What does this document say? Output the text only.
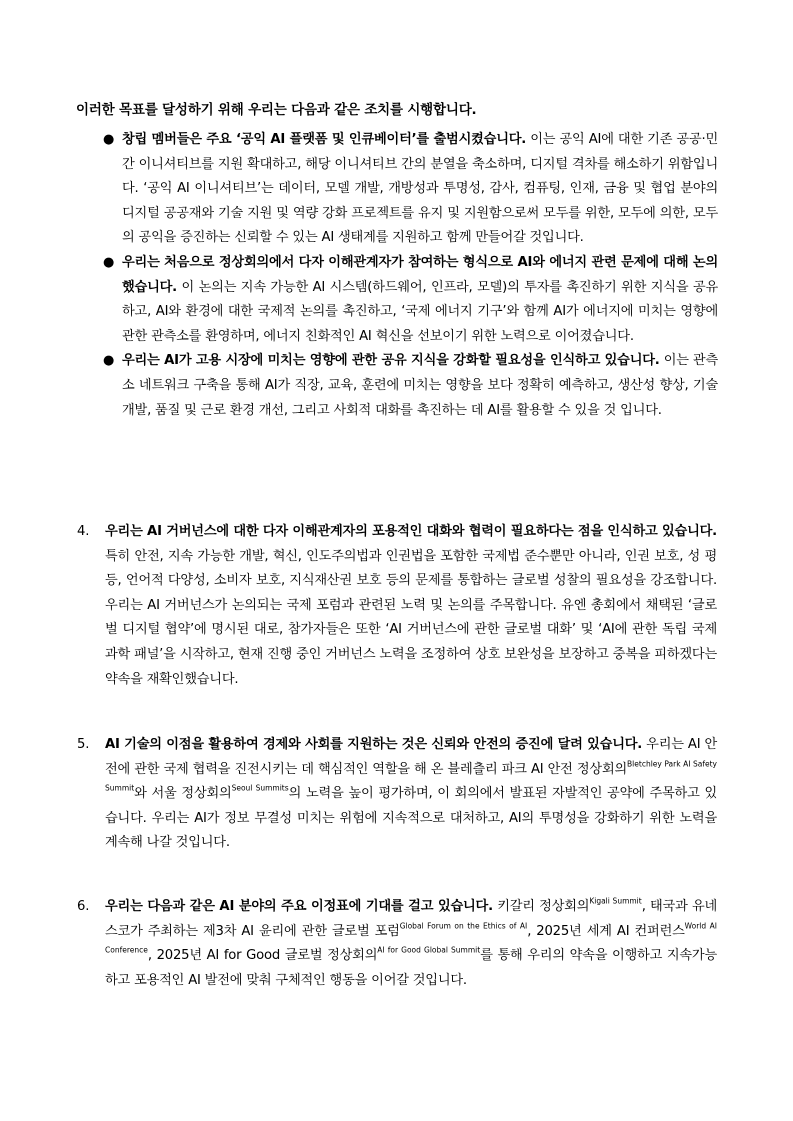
이러한 목표를 달성하기 위해 우리는 다음과 같은 조치를 시행합니다.
● 창립 멤버들은 주요 ‘공익 AI 플랫폼 및 인큐베이터’를 출범시켰습니다. 이는 공익 AI에 대한 기존 공공·민간 이니셔티브를 지원 확대하고, 해당 이니셔티브 간의 분열을 축소하며, 디지털 격차를 해소하기 위함입니다. ‘공익 AI 이니셔티브’는 데이터, 모델 개발, 개방성과 투명성, 감사, 컴퓨팅, 인재, 금융 및 협업 분야의 디지털 공공재와 기술 지원 및 역량 강화 프로젝트를 유지 및 지원함으로써 모두를 위한, 모두에 의한, 모두의 공익을 증진하는 신뢰할 수 있는 AI 생태계를 지원하고 함께 만들어갈 것입니다.
● 우리는 처음으로 정상회의에서 다자 이해관계자가 참여하는 형식으로 AI와 에너지 관련 문제에 대해 논의했습니다. 이 논의는 지속 가능한 AI 시스템(하드웨어, 인프라, 모델)의 투자를 촉진하기 위한 지식을 공유하고, AI와 환경에 대한 국제적 논의를 촉진하고, ‘국제 에너지 기구’와 함께 AI가 에너지에 미치는 영향에 관한 관측소를 환영하며, 에너지 친화적인 AI 혁신을 선보이기 위한 노력으로 이어졌습니다.
● 우리는 AI가 고용 시장에 미치는 영향에 관한 공유 지식을 강화할 필요성을 인식하고 있습니다. 이는 관측소 네트워크 구축을 통해 AI가 직장, 교육, 훈련에 미치는 영향을 보다 정확히 예측하고, 생산성 향상, 기술 개발, 품질 및 근로 환경 개선, 그리고 사회적 대화를 촉진하는 데 AI를 활용할 수 있을 것 입니다.
4. 우리는 AI 거버넌스에 대한 다자 이해관계자의 포용적인 대화와 협력이 필요하다는 점을 인식하고 있습니다. 특히 안전, 지속 가능한 개발, 혁신, 인도주의법과 인권법을 포함한 국제법 준수뿐만 아니라, 인권 보호, 성 평등, 언어적 다양성, 소비자 보호, 지식재산권 보호 등의 문제를 통합하는 글로벌 성찰의 필요성을 강조합니다. 우리는 AI 거버넌스가 논의되는 국제 포럼과 관련된 노력 및 논의를 주목합니다. 유엔 총회에서 채택된 ‘글로벌 디지털 협약’에 명시된 대로, 참가자들은 또한 ‘AI 거버넌스에 관한 글로벌 대화’ 및 ‘AI에 관한 독립 국제 과학 패널’을 시작하고, 현재 진행 중인 거버넌스 노력을 조정하여 상호 보완성을 보장하고 중복을 피하겠다는 약속을 재확인했습니다.
5. AI 기술의 이점을 활용하여 경제와 사회를 지원하는 것은 신뢰와 안전의 증진에 달려 있습니다. 우리는 AI 안전에 관한 국제 협력을 진전시키는 데 핵심적인 역할을 해 온 블레츨리 파크 AI 안전 정상회의$^{Bletchley Park AI Safety Summit}$와 서울 정상회의$^{Seoul Summits}$의 노력을 높이 평가하며, 이 회의에서 발표된 자발적인 공약에 주목하고 있습니다. 우리는 AI가 정보 무결성 미치는 위험에 지속적으로 대처하고, AI의 투명성을 강화하기 위한 노력을 계속해 나갈 것입니다.
6. 우리는 다음과 같은 AI 분야의 주요 이정표에 기대를 걸고 있습니다. 키갈리 정상회의$^{Kigali Summit}$, 태국과 유네스코가 주최하는 제3차 AI 윤리에 관한 글로벌 포럼$^{Global Forum on the Ethics of AI}$, 2025년 세계 AI 컨퍼런스$^{World AI Conference}$, 2025년 AI for Good 글로벌 정상회의$^{AI for Good Global Summit}$를 통해 우리의 약속을 이행하고 지속가능하고 포용적인 AI 발전에 맞춰 구체적인 행동을 이어갈 것입니다.
